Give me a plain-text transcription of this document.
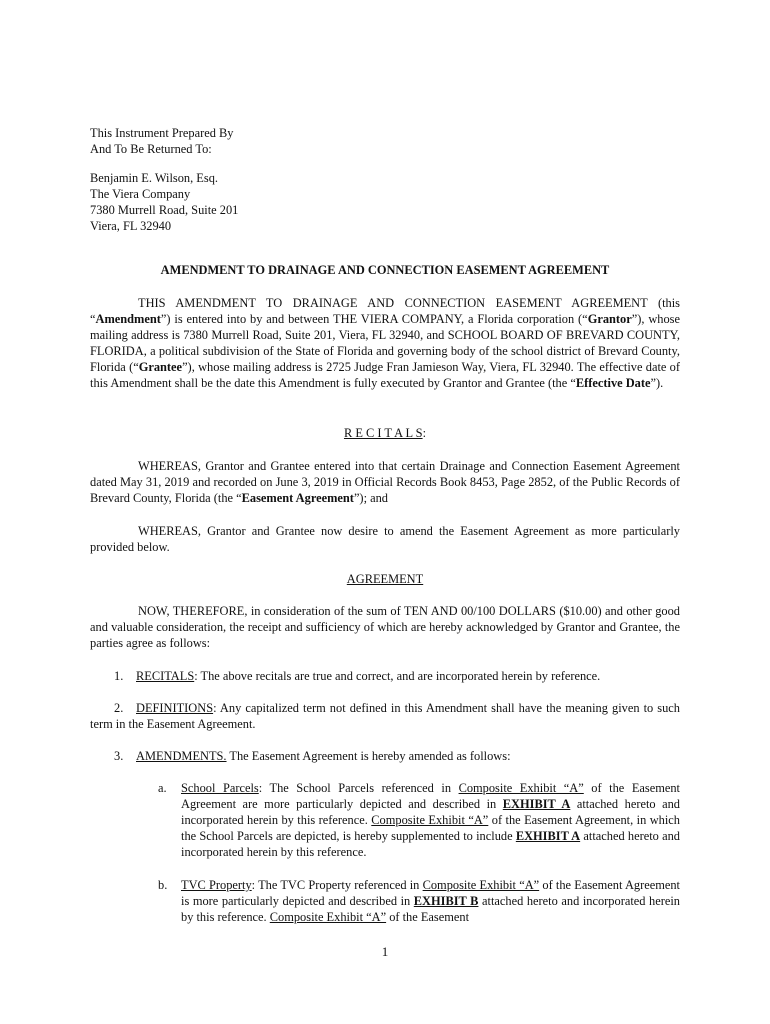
This Instrument Prepared By
And To Be Returned To:
Benjamin E. Wilson, Esq.
The Viera Company
7380 Murrell Road, Suite 201
Viera, FL 32940
AMENDMENT TO DRAINAGE AND CONNECTION EASEMENT AGREEMENT
THIS AMENDMENT TO DRAINAGE AND CONNECTION EASEMENT AGREEMENT (this “Amendment”) is entered into by and between THE VIERA COMPANY, a Florida corporation (“Grantor”), whose mailing address is 7380 Murrell Road, Suite 201, Viera, FL 32940, and SCHOOL BOARD OF BREVARD COUNTY, FLORIDA, a political subdivision of the State of Florida and governing body of the school district of Brevard County, Florida (“Grantee”), whose mailing address is 2725 Judge Fran Jamieson Way, Viera, FL 32940. The effective date of this Amendment shall be the date this Amendment is fully executed by Grantor and Grantee (the “Effective Date”).
R E C I T A L S:
WHEREAS, Grantor and Grantee entered into that certain Drainage and Connection Easement Agreement dated May 31, 2019 and recorded on June 3, 2019 in Official Records Book 8453, Page 2852, of the Public Records of Brevard County, Florida (the “Easement Agreement”); and
WHEREAS, Grantor and Grantee now desire to amend the Easement Agreement as more particularly provided below.
AGREEMENT
NOW, THEREFORE, in consideration of the sum of TEN AND 00/100 DOLLARS ($10.00) and other good and valuable consideration, the receipt and sufficiency of which are hereby acknowledged by Grantor and Grantee, the parties agree as follows:
1.	RECITALS: The above recitals are true and correct, and are incorporated herein by reference.
2.	DEFINITIONS: Any capitalized term not defined in this Amendment shall have the meaning given to such term in the Easement Agreement.
3.	AMENDMENTS. The Easement Agreement is hereby amended as follows:
a. School Parcels: The School Parcels referenced in Composite Exhibit “A” of the Easement Agreement are more particularly depicted and described in EXHIBIT A attached hereto and incorporated herein by this reference. Composite Exhibit “A” of the Easement Agreement, in which the School Parcels are depicted, is hereby supplemented to include EXHIBIT A attached hereto and incorporated herein by this reference.
b. TVC Property: The TVC Property referenced in Composite Exhibit “A” of the Easement Agreement is more particularly depicted and described in EXHIBIT B attached hereto and incorporated herein by this reference. Composite Exhibit “A” of the Easement
1
